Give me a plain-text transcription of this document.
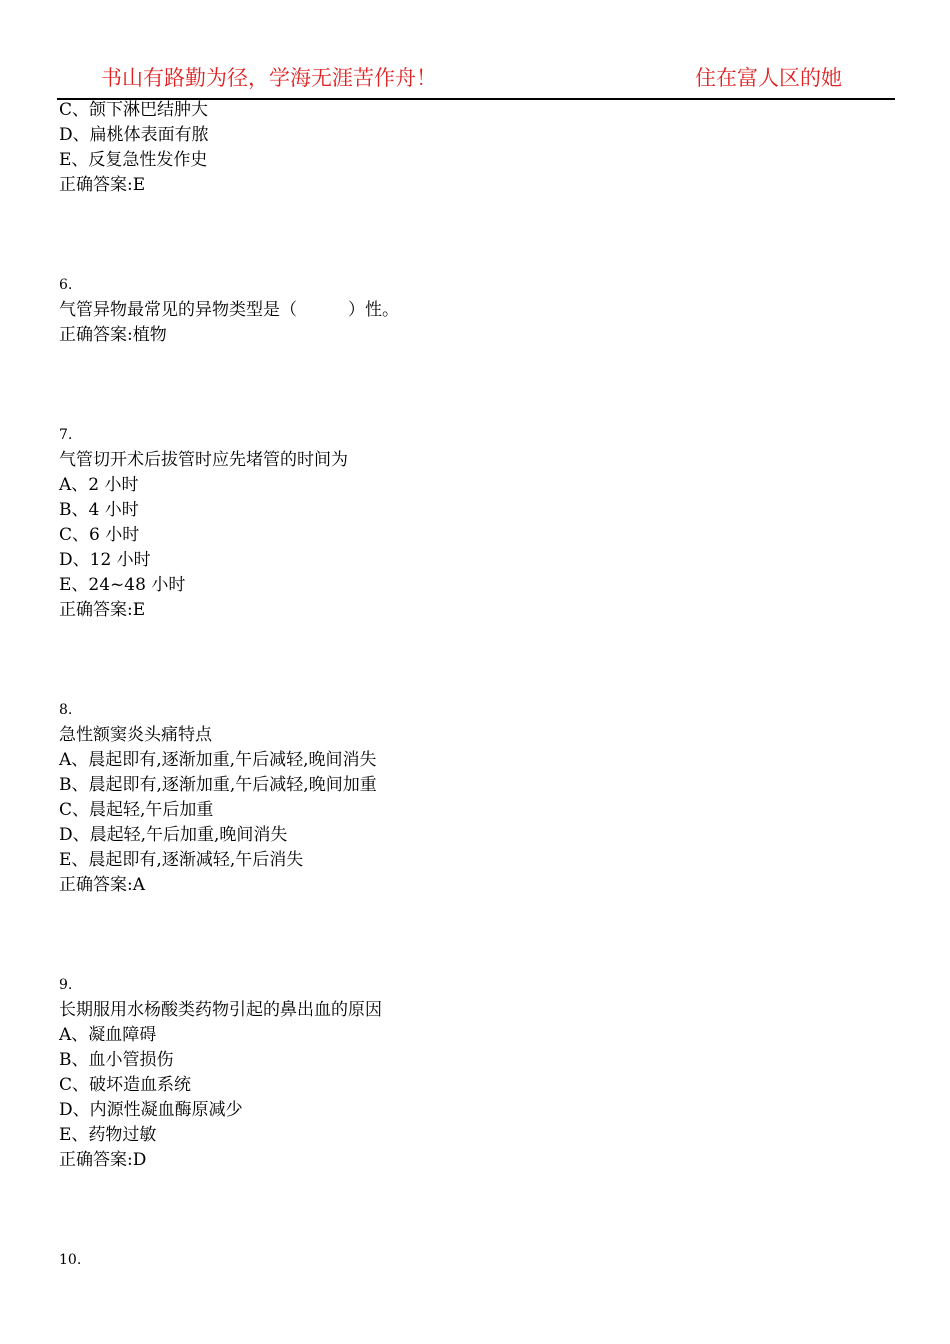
书山有路勤为径，学海无涯苦作舟！	住在富人区的她
C、颌下淋巴结肿大
D、扁桃体表面有脓
E、反复急性发作史
正确答案:E
6.
气管异物最常见的异物类型是（　　　）性。
正确答案:植物
7.
气管切开术后拔管时应先堵管的时间为
A、2 小时
B、4 小时
C、6 小时
D、12 小时
E、24~48 小时
正确答案:E
8.
急性额窦炎头痛特点
A、晨起即有,逐渐加重,午后减轻,晚间消失
B、晨起即有,逐渐加重,午后减轻,晚间加重
C、晨起轻,午后加重
D、晨起轻,午后加重,晚间消失
E、晨起即有,逐渐减轻,午后消失
正确答案:A
9.
长期服用水杨酸类药物引起的鼻出血的原因
A、凝血障碍
B、血小管损伤
C、破坏造血系统
D、内源性凝血酶原减少
E、药物过敏
正确答案:D
10.
